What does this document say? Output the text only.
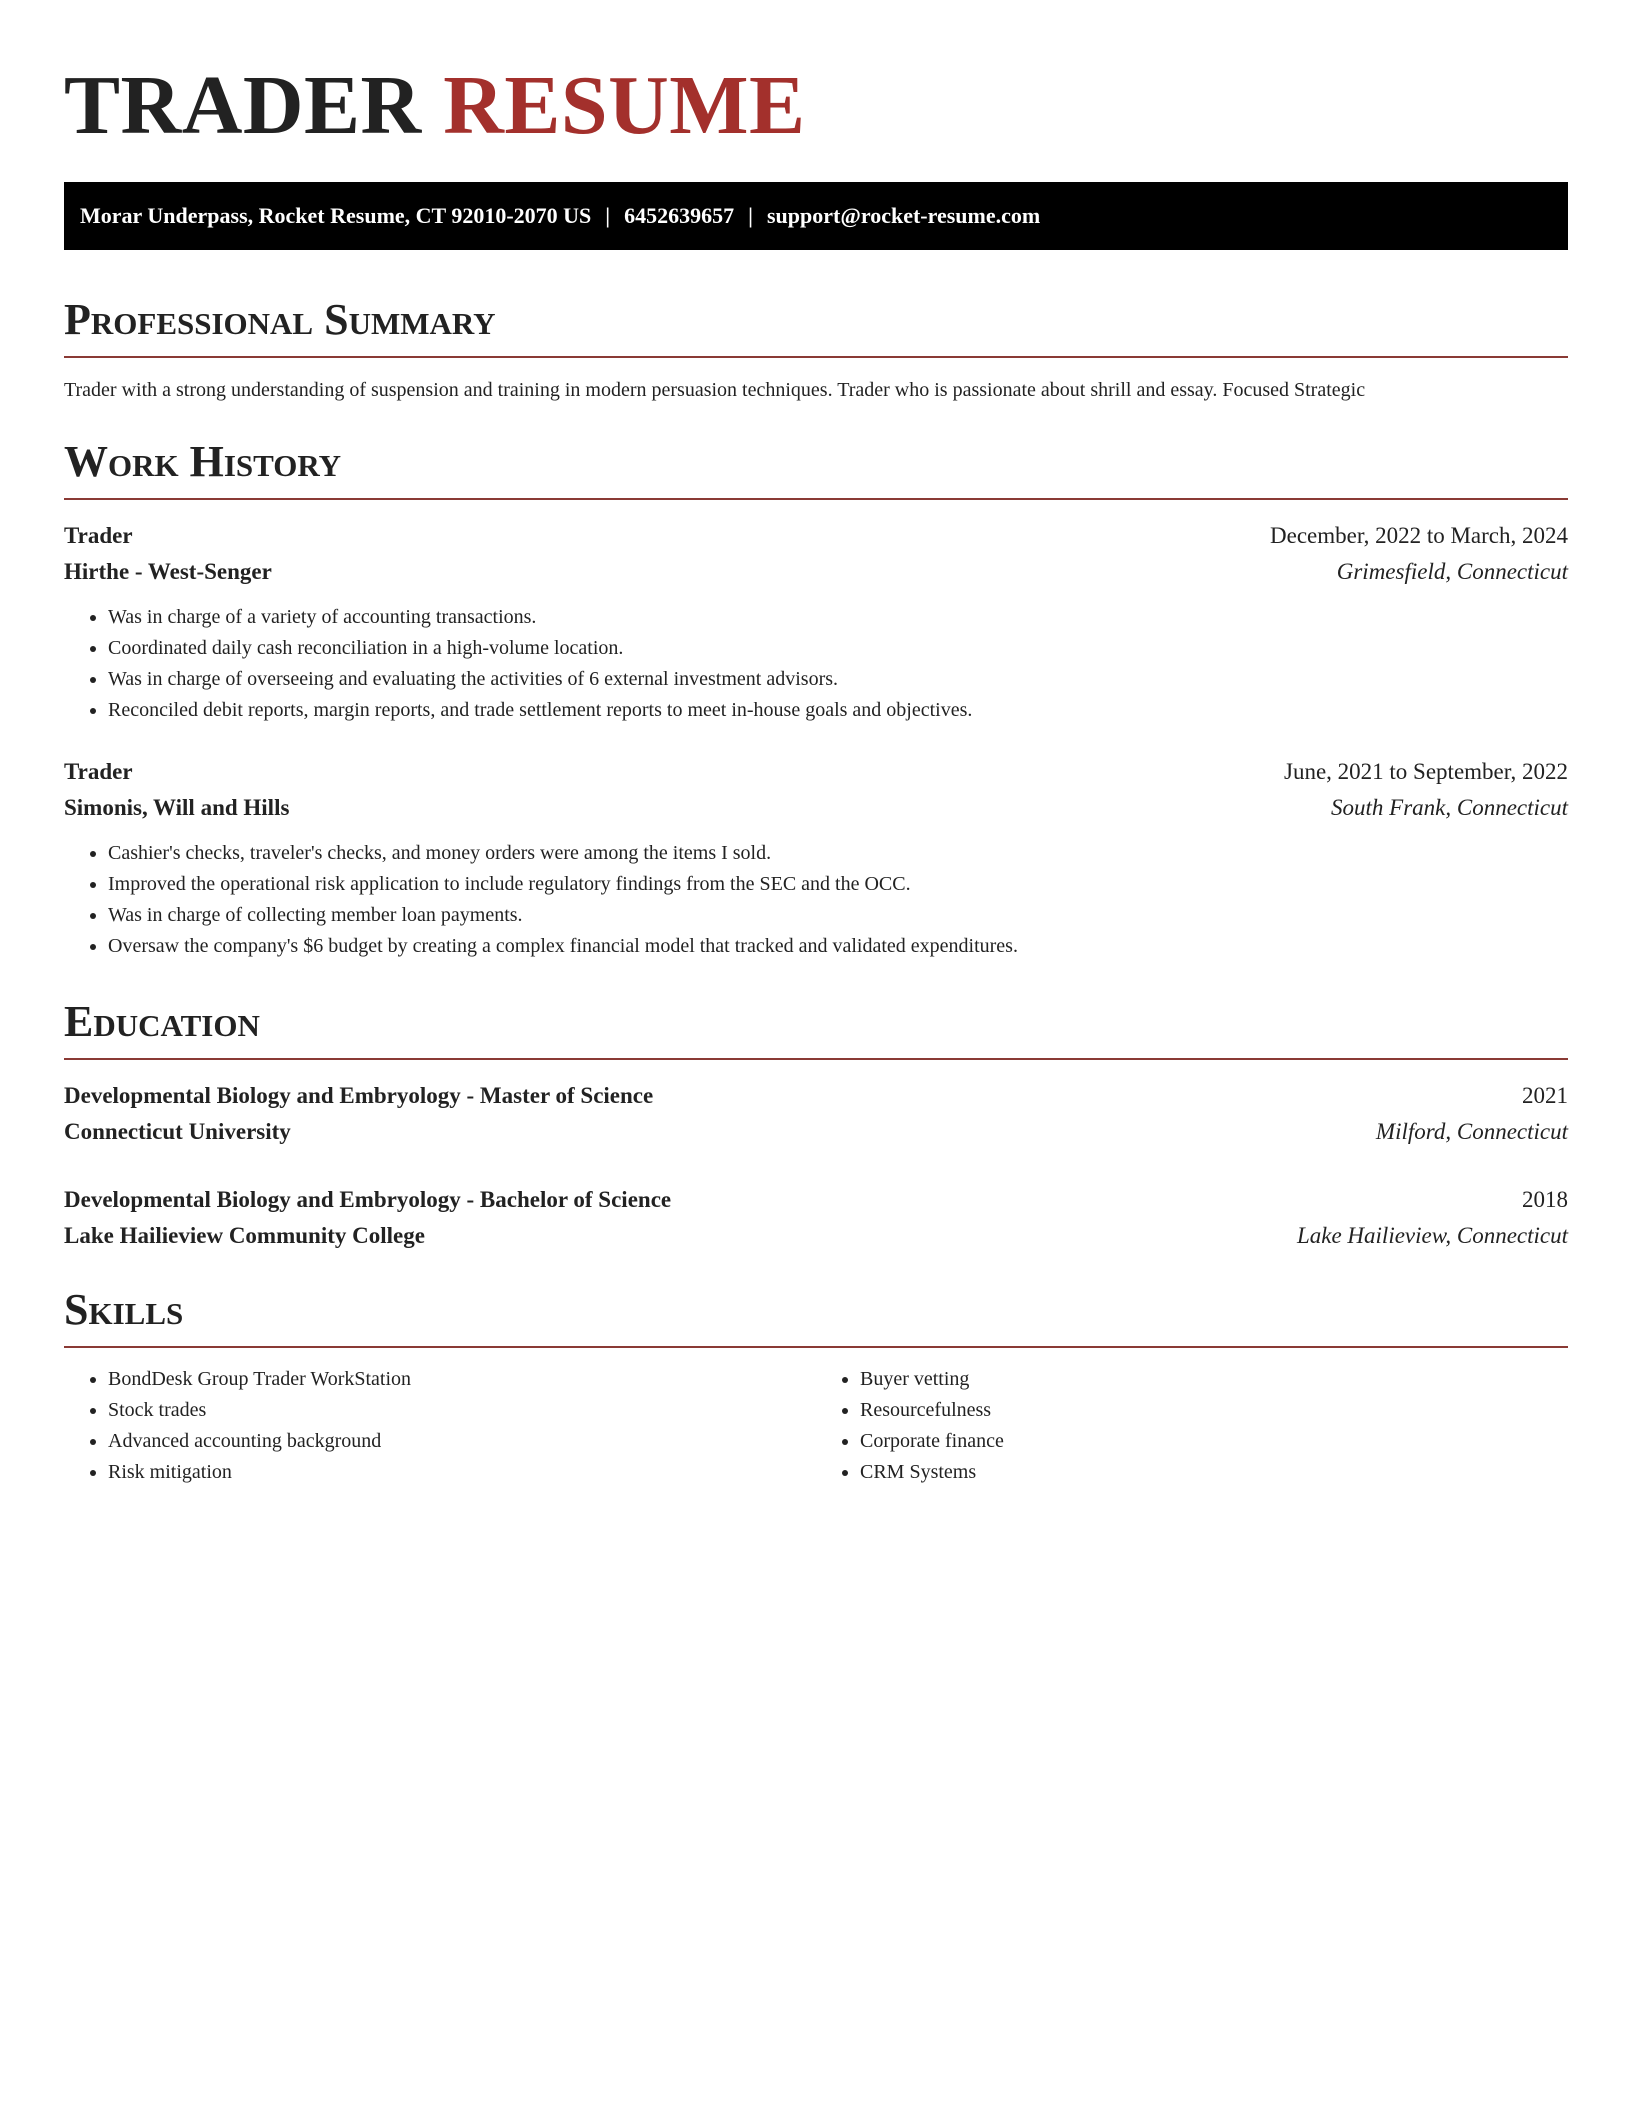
TRADER RESUME
Morar Underpass, Rocket Resume, CT 92010-2070 US | 6452639657 | support@rocket-resume.com
Professional Summary
Trader with a strong understanding of suspension and training in modern persuasion techniques. Trader who is passionate about shrill and essay. Focused Strategic
Work History
Trader	December, 2022 to March, 2024
Hirthe - West-Senger	Grimesfield, Connecticut
• Was in charge of a variety of accounting transactions.
• Coordinated daily cash reconciliation in a high-volume location.
• Was in charge of overseeing and evaluating the activities of 6 external investment advisors.
• Reconciled debit reports, margin reports, and trade settlement reports to meet in-house goals and objectives.
Trader	June, 2021 to September, 2022
Simonis, Will and Hills	South Frank, Connecticut
• Cashier's checks, traveler's checks, and money orders were among the items I sold.
• Improved the operational risk application to include regulatory findings from the SEC and the OCC.
• Was in charge of collecting member loan payments.
• Oversaw the company's $6 budget by creating a complex financial model that tracked and validated expenditures.
Education
Developmental Biology and Embryology - Master of Science	2021
Connecticut University	Milford, Connecticut
Developmental Biology and Embryology - Bachelor of Science	2018
Lake Hailieview Community College	Lake Hailieview, Connecticut
Skills
• BondDesk Group Trader WorkStation
• Stock trades
• Advanced accounting background
• Risk mitigation
• Buyer vetting
• Resourcefulness
• Corporate finance
• CRM Systems
